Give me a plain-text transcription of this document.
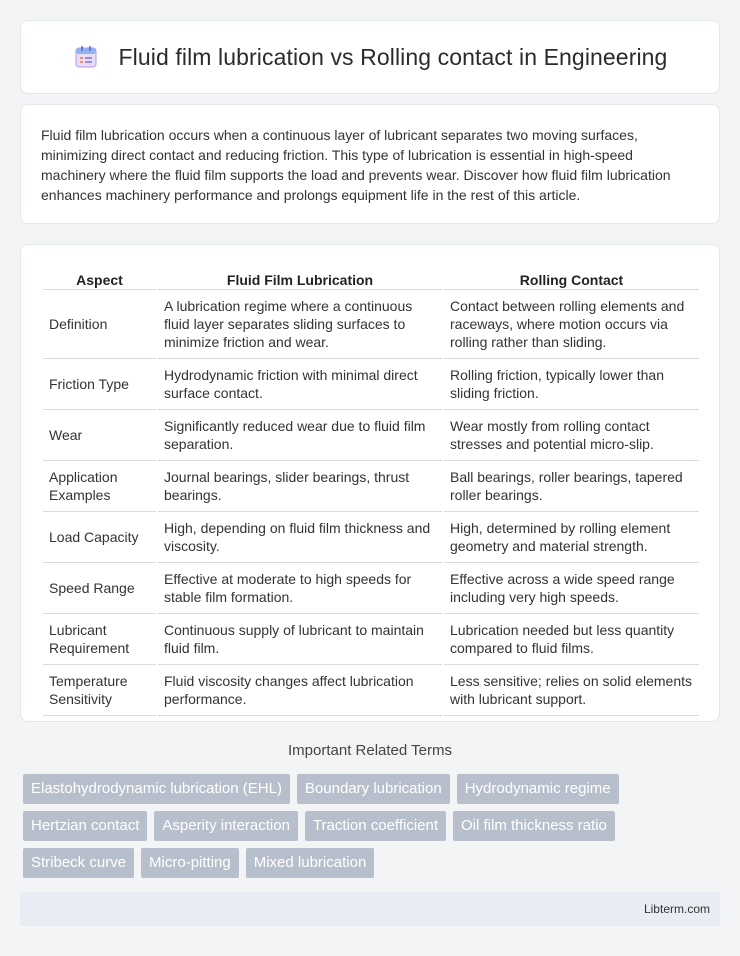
Fluid film lubrication vs Rolling contact in Engineering

Fluid film lubrication occurs when a continuous layer of lubricant separates two moving surfaces, minimizing direct contact and reducing friction. This type of lubrication is essential in high-speed machinery where the fluid film supports the load and prevents wear. Discover how fluid film lubrication enhances machinery performance and prolongs equipment life in the rest of this article.

Aspect	Fluid Film Lubrication	Rolling Contact
Definition	A lubrication regime where a continuous fluid layer separates sliding surfaces to minimize friction and wear.	Contact between rolling elements and raceways, where motion occurs via rolling rather than sliding.
Friction Type	Hydrodynamic friction with minimal direct surface contact.	Rolling friction, typically lower than sliding friction.
Wear	Significantly reduced wear due to fluid film separation.	Wear mostly from rolling contact stresses and potential micro-slip.
Application Examples	Journal bearings, slider bearings, thrust bearings.	Ball bearings, roller bearings, tapered roller bearings.
Load Capacity	High, depending on fluid film thickness and viscosity.	High, determined by rolling element geometry and material strength.
Speed Range	Effective at moderate to high speeds for stable film formation.	Effective across a wide speed range including very high speeds.
Lubricant Requirement	Continuous supply of lubricant to maintain fluid film.	Lubrication needed but less quantity compared to fluid films.
Temperature Sensitivity	Fluid viscosity changes affect lubrication performance.	Less sensitive; relies on solid elements with lubricant support.
Important Related Terms
Elastohydrodynamic lubrication (EHL)	Boundary lubrication	Hydrodynamic regime
Hertzian contact	Asperity interaction	Traction coefficient	Oil film thickness ratio
Stribeck curve	Micro-pitting	Mixed lubrication
Libterm.com
